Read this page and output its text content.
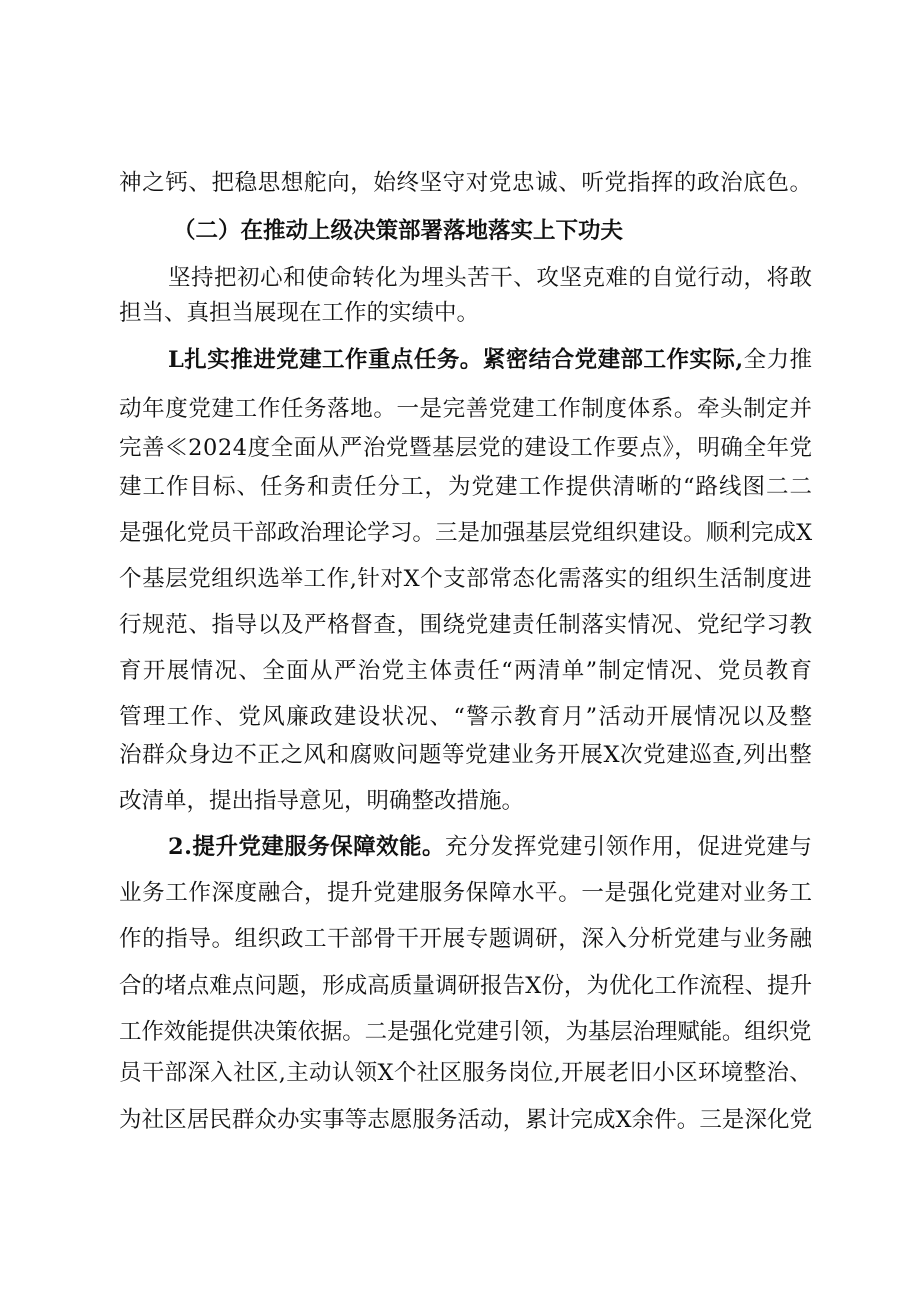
神之钙、把稳思想舵向，始终坚守对党忠诚、听党指挥的政治底色。

（二）在推动上级决策部署落地落实上下功夫

坚持把初心和使命转化为埋头苦干、攻坚克难的自觉行动，将敢

担当、真担当展现在工作的实绩中。

L扎实推进党建工作重点任务。紧密结合党建部工作实际,全力推

动年度党建工作任务落地。一是完善党建工作制度体系。牵头制定并

完善≪2024度全面从严治党暨基层党的建设工作要点》，明确全年党

建工作目标、任务和责任分工，为党建工作提供清晰的“路线图二二

是强化党员干部政治理论学习。三是加强基层党组织建设。顺利完成X

个基层党组织选举工作,针对X个支部常态化需落实的组织生活制度进

行规范、指导以及严格督查，围绕党建责任制落实情况、党纪学习教

育开展情况、全面从严治党主体责任“两清单”制定情况、党员教育

管理工作、党风廉政建设状况、“警示教育月”活动开展情况以及整

治群众身边不正之风和腐败问题等党建业务开展X次党建巡查,列出整

改清单，提出指导意见，明确整改措施。

2.提升党建服务保障效能。充分发挥党建引领作用，促进党建与

业务工作深度融合，提升党建服务保障水平。一是强化党建对业务工

作的指导。组织政工干部骨干开展专题调研，深入分析党建与业务融

合的堵点难点问题，形成高质量调研报告X份，为优化工作流程、提升

工作效能提供决策依据。二是强化党建引领，为基层治理赋能。组织党

员干部深入社区,主动认领X个社区服务岗位,开展老旧小区环境整治、

为社区居民群众办实事等志愿服务活动，累计完成X余件。三是深化党
